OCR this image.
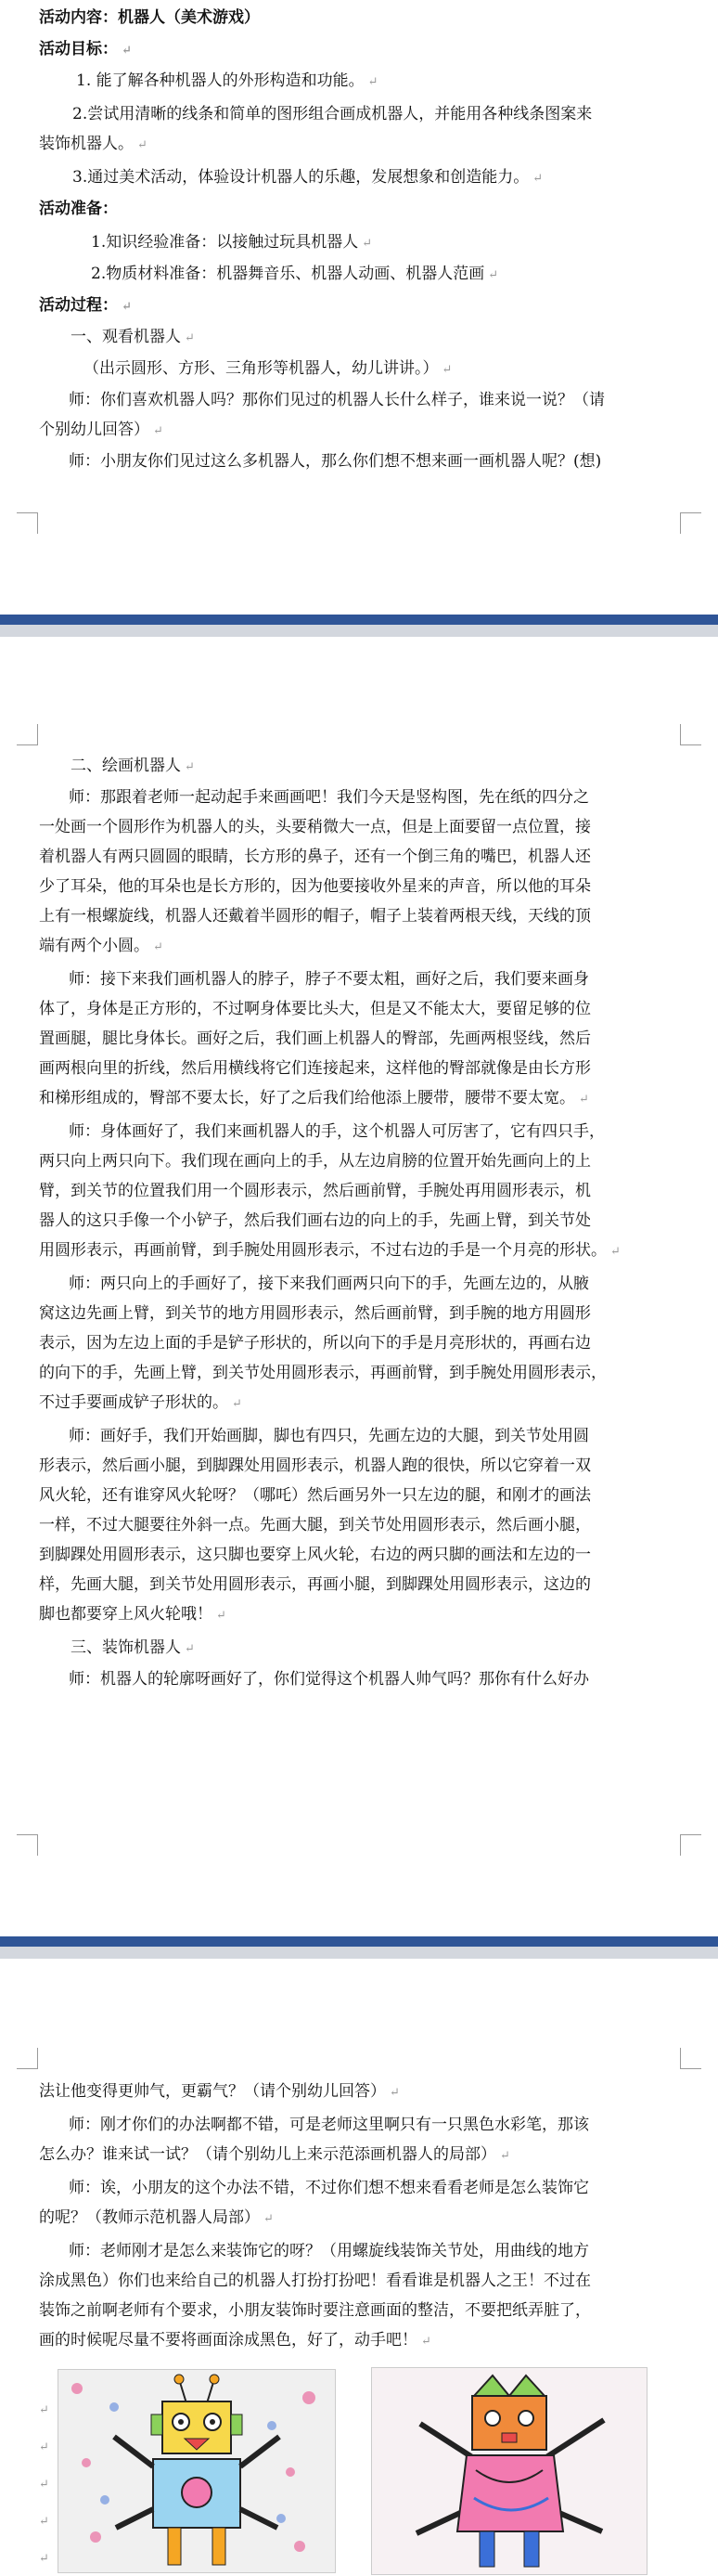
活动内容：机器人（美术游戏）
活动目标： ↵
1. 能了解各种机器人的外形构造和功能。 ↵
2.尝试用清晰的线条和简单的图形组合画成机器人，并能用各种线条图案来
装饰机器人。 ↵
3.通过美术活动，体验设计机器人的乐趣，发展想象和创造能力。 ↵
活动准备：
1.知识经验准备：以接触过玩具机器人 ↵
2.物质材料准备：机器舞音乐、机器人动画、机器人范画 ↵
活动过程： ↵
一、观看机器人 ↵
（出示圆形、方形、三角形等机器人，幼儿讲讲。） ↵
师：你们喜欢机器人吗？那你们见过的机器人长什么样子，谁来说一说？（请
个别幼儿回答） ↵
师：小朋友你们见过这么多机器人，那么你们想不想来画一画机器人呢？(想)
二、绘画机器人 ↵
师：那跟着老师一起动起手来画画吧！我们今天是竖构图，先在纸的四分之
一处画一个圆形作为机器人的头，头要稍微大一点，但是上面要留一点位置，接
着机器人有两只圆圆的眼睛，长方形的鼻子，还有一个倒三角的嘴巴，机器人还
少了耳朵，他的耳朵也是长方形的，因为他要接收外星来的声音，所以他的耳朵
上有一根螺旋线，机器人还戴着半圆形的帽子，帽子上装着两根天线，天线的顶
端有两个小圆。 ↵
师：接下来我们画机器人的脖子，脖子不要太粗，画好之后，我们要来画身
体了，身体是正方形的，不过啊身体要比头大，但是又不能太大，要留足够的位
置画腿，腿比身体长。画好之后，我们画上机器人的臀部，先画两根竖线，然后
画两根向里的折线，然后用横线将它们连接起来，这样他的臀部就像是由长方形
和梯形组成的，臀部不要太长，好了之后我们给他添上腰带，腰带不要太宽。 ↵
师：身体画好了，我们来画机器人的手，这个机器人可厉害了，它有四只手，
两只向上两只向下。我们现在画向上的手，从左边肩膀的位置开始先画向上的上
臂，到关节的位置我们用一个圆形表示，然后画前臂，手腕处再用圆形表示，机
器人的这只手像一个小铲子，然后我们画右边的向上的手，先画上臂，到关节处
用圆形表示，再画前臂，到手腕处用圆形表示，不过右边的手是一个月亮的形状。 ↵
师：两只向上的手画好了，接下来我们画两只向下的手，先画左边的，从腋
窝这边先画上臂，到关节的地方用圆形表示，然后画前臂，到手腕的地方用圆形
表示，因为左边上面的手是铲子形状的，所以向下的手是月亮形状的，再画右边
的向下的手，先画上臂，到关节处用圆形表示，再画前臂，到手腕处用圆形表示，
不过手要画成铲子形状的。 ↵
师：画好手，我们开始画脚，脚也有四只，先画左边的大腿，到关节处用圆
形表示，然后画小腿，到脚踝处用圆形表示，机器人跑的很快，所以它穿着一双
风火轮，还有谁穿风火轮呀？（哪吒）然后画另外一只左边的腿，和刚才的画法
一样，不过大腿要往外斜一点。先画大腿，到关节处用圆形表示，然后画小腿，
到脚踝处用圆形表示，这只脚也要穿上风火轮，右边的两只脚的画法和左边的一
样，先画大腿，到关节处用圆形表示，再画小腿，到脚踝处用圆形表示，这边的
脚也都要穿上风火轮哦！ ↵
三、装饰机器人 ↵
师：机器人的轮廓呀画好了，你们觉得这个机器人帅气吗？那你有什么好办
法让他变得更帅气，更霸气？（请个别幼儿回答） ↵
师：刚才你们的办法啊都不错，可是老师这里啊只有一只黑色水彩笔，那该
怎么办？谁来试一试？（请个别幼儿上来示范添画机器人的局部） ↵
师：诶，小朋友的这个办法不错，不过你们想不想来看看老师是怎么装饰它
的呢？（教师示范机器人局部） ↵
师：老师刚才是怎么来装饰它的呀？（用螺旋线装饰关节处，用曲线的地方
涂成黑色）你们也来给自己的机器人打扮打扮吧！看看谁是机器人之王！不过在
装饰之前啊老师有个要求，小朋友装饰时要注意画面的整洁，不要把纸弄脏了，
画的时候呢尽量不要将画面涂成黑色，好了，动手吧！ ↵
↵
↵
↵
↵
↵
